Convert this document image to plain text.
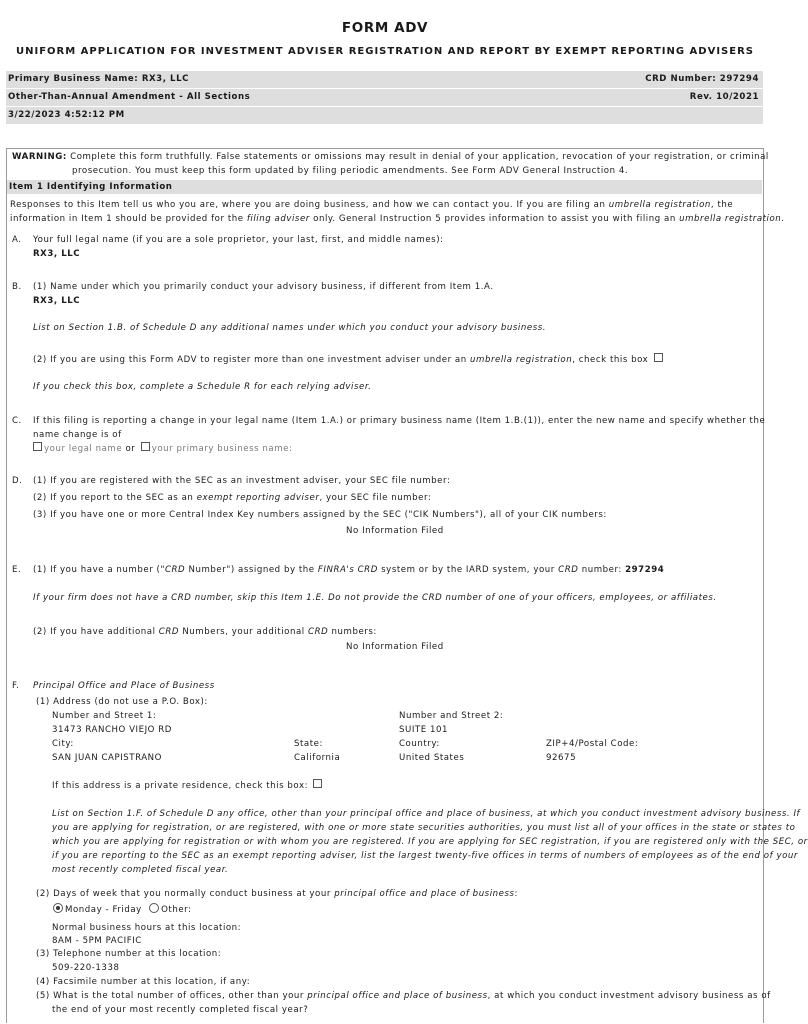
FORM ADV
UNIFORM APPLICATION FOR INVESTMENT ADVISER REGISTRATION AND REPORT BY EXEMPT REPORTING ADVISERS
Primary Business Name: RX3, LLC	CRD Number: 297294
Other-Than-Annual Amendment - All Sections	Rev. 10/2021
3/22/2023 4:52:12 PM
WARNING: Complete this form truthfully. False statements or omissions may result in denial of your application, revocation of your registration, or criminal
prosecution. You must keep this form updated by filing periodic amendments. See Form ADV General Instruction 4.
Item 1 Identifying Information
Responses to this Item tell us who you are, where you are doing business, and how we can contact you. If you are filing an umbrella registration, the
information in Item 1 should be provided for the filing adviser only. General Instruction 5 provides information to assist you with filing an umbrella registration.
A. Your full legal name (if you are a sole proprietor, your last, first, and middle names):
RX3, LLC
B. (1) Name under which you primarily conduct your advisory business, if different from Item 1.A.
RX3, LLC
List on Section 1.B. of Schedule D any additional names under which you conduct your advisory business.
(2) If you are using this Form ADV to register more than one investment adviser under an umbrella registration, check this box
If you check this box, complete a Schedule R for each relying adviser.
C. If this filing is reporting a change in your legal name (Item 1.A.) or primary business name (Item 1.B.(1)), enter the new name and specify whether the
name change is of
your legal name or your primary business name:
D. (1) If you are registered with the SEC as an investment adviser, your SEC file number:
(2) If you report to the SEC as an exempt reporting adviser, your SEC file number:
(3) If you have one or more Central Index Key numbers assigned by the SEC ("CIK Numbers"), all of your CIK numbers:
No Information Filed
E. (1) If you have a number ("CRD Number") assigned by the FINRA's CRD system or by the IARD system, your CRD number: 297294
If your firm does not have a CRD number, skip this Item 1.E. Do not provide the CRD number of one of your officers, employees, or affiliates.
(2) If you have additional CRD Numbers, your additional CRD numbers:
No Information Filed
F. Principal Office and Place of Business
(1) Address (do not use a P.O. Box):
Number and Street 1:	Number and Street 2:
31473 RANCHO VIEJO RD	SUITE 101
City:	State:	Country:	ZIP+4/Postal Code:
SAN JUAN CAPISTRANO	California	United States	92675
If this address is a private residence, check this box:
List on Section 1.F. of Schedule D any office, other than your principal office and place of business, at which you conduct investment advisory business. If
you are applying for registration, or are registered, with one or more state securities authorities, you must list all of your offices in the state or states to
which you are applying for registration or with whom you are registered. If you are applying for SEC registration, if you are registered only with the SEC, or
if you are reporting to the SEC as an exempt reporting adviser, list the largest twenty-five offices in terms of numbers of employees as of the end of your
most recently completed fiscal year.
(2) Days of week that you normally conduct business at your principal office and place of business:
Monday - Friday Other:
Normal business hours at this location:
8AM - 5PM PACIFIC
(3) Telephone number at this location:
509-220-1338
(4) Facsimile number at this location, if any:
(5) What is the total number of offices, other than your principal office and place of business, at which you conduct investment advisory business as of
the end of your most recently completed fiscal year?
